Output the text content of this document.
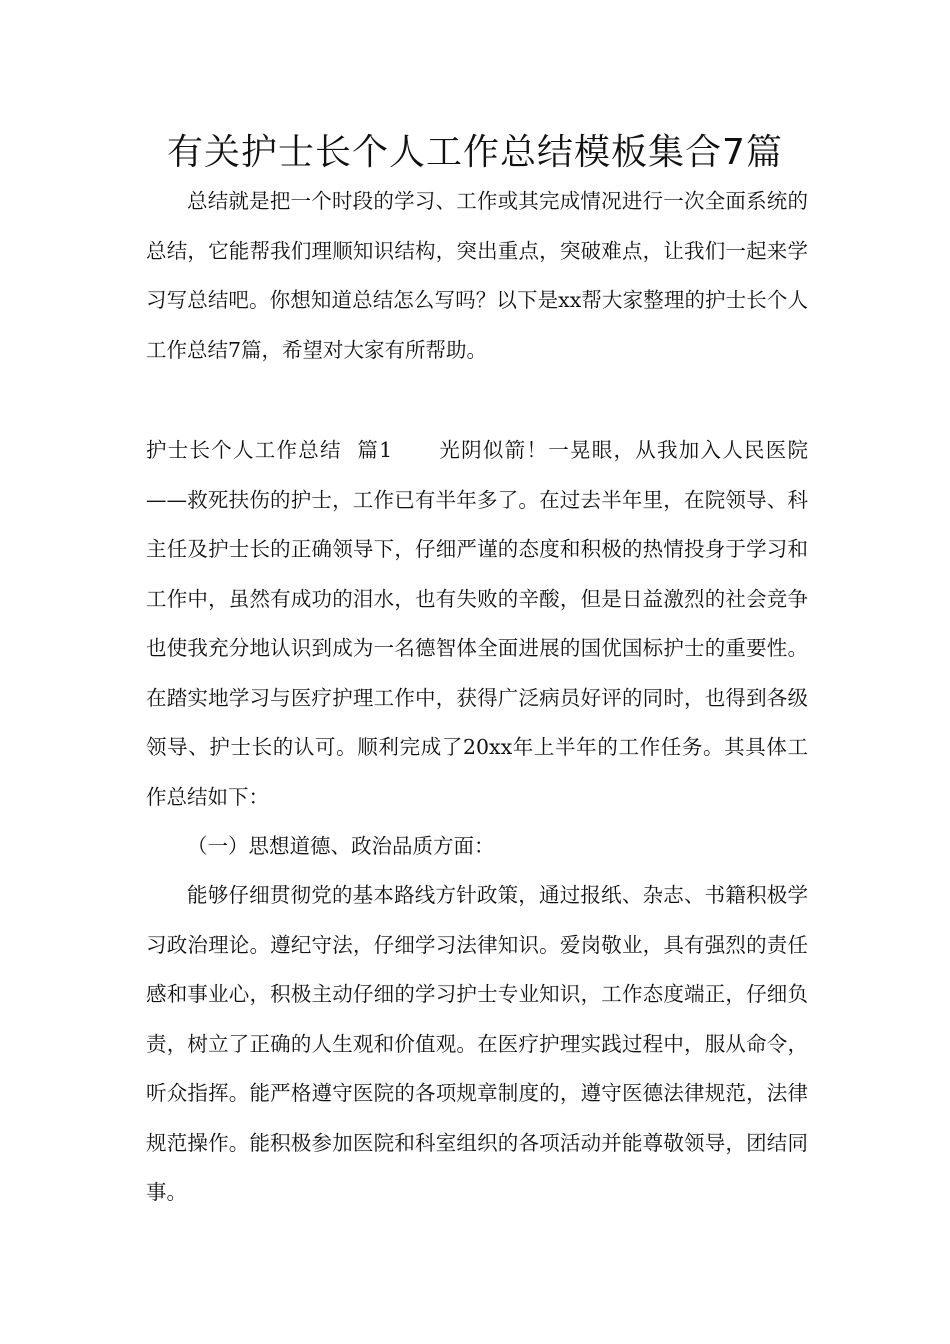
有关护士长个人工作总结模板集合7篇

总结就是把一个时段的学习、工作或其完成情况进行一次全面系统的总结，它能帮我们理顺知识结构，突出重点，突破难点，让我们一起来学习写总结吧。你想知道总结怎么写吗？以下是xx帮大家整理的护士长个人工作总结7篇，希望对大家有所帮助。

护士长个人工作总结  篇1 光阴似箭！一晃眼，从我加入人民医院——救死扶伤的护士，工作已有半年多了。在过去半年里，在院领导、科主任及护士长的正确领导下，仔细严谨的态度和积极的热情投身于学习和工作中，虽然有成功的泪水，也有失败的辛酸，但是日益激烈的社会竞争也使我充分地认识到成为一名德智体全面进展的国优国标护士的重要性。在踏实地学习与医疗护理工作中，获得广泛病员好评的同时，也得到各级领导、护士长的认可。顺利完成了20xx年上半年的工作任务。其具体工作总结如下：

（一）思想道德、政治品质方面：

能够仔细贯彻党的基本路线方针政策，通过报纸、杂志、书籍积极学习政治理论。遵纪守法，仔细学习法律知识。爱岗敬业，具有强烈的责任感和事业心，积极主动仔细的学习护士专业知识，工作态度端正，仔细负责，树立了正确的人生观和价值观。在医疗护理实践过程中，服从命令，听众指挥。能严格遵守医院的各项规章制度的，遵守医德法律规范，法律规范操作。能积极参加医院和科室组织的各项活动并能尊敬领导，团结同事。
